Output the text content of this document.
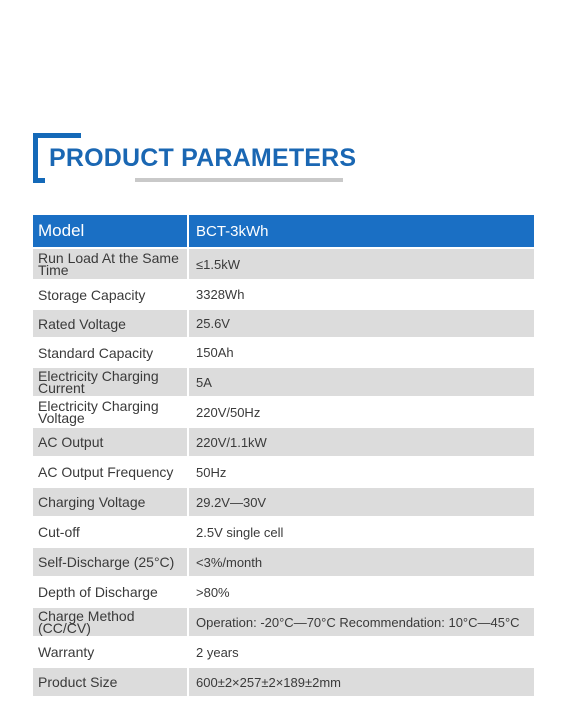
PRODUCT PARAMETERS
Model	BCT-3kWh
Run Load At the Same Time	≤1.5kW
Storage Capacity	3328Wh
Rated Voltage	25.6V
Standard Capacity	150Ah
Electricity Charging Current	5A
Electricity Charging Voltage	220V/50Hz
AC Output	220V/1.1kW
AC Output Frequency	50Hz
Charging Voltage	29.2V—30V
Cut-off	2.5V single cell
Self-Discharge (25°C)	<3%/month
Depth of Discharge	>80%
Charge Method (CC/CV)	Operation: -20°C—70°C Recommendation: 10°C—45°C
Warranty	2 years
Product Size	600±2×257±2×189±2mm
